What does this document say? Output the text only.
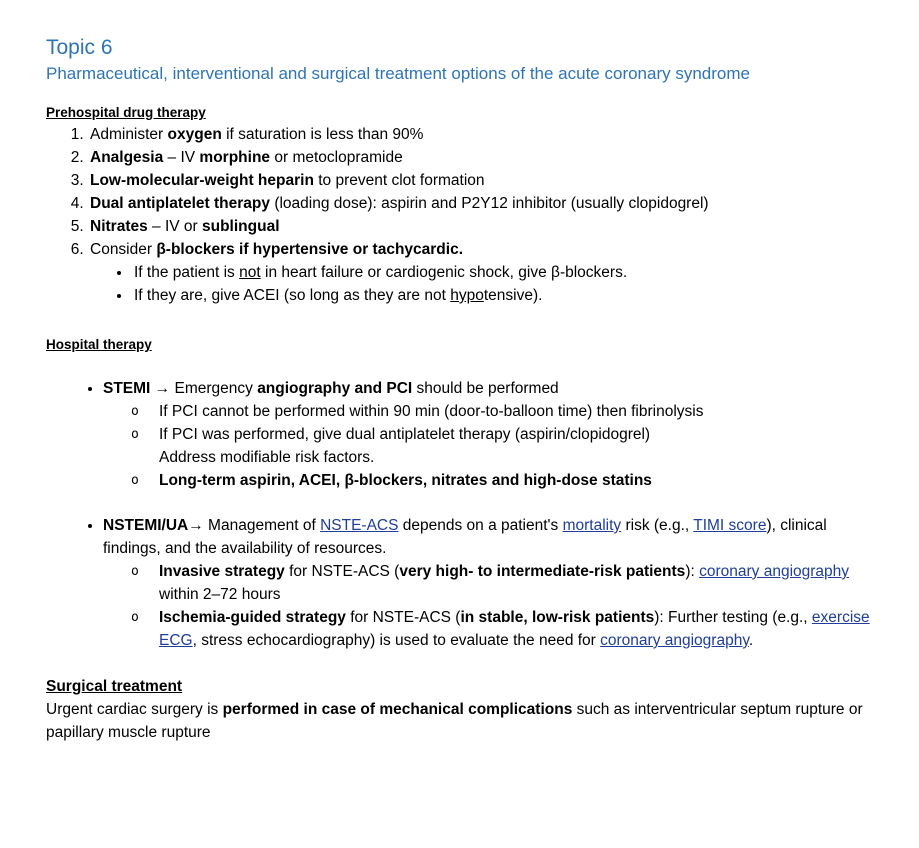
Topic 6
Pharmaceutical, interventional and surgical treatment options of the acute coronary syndrome
Prehospital drug therapy
1. Administer oxygen if saturation is less than 90%
2. Analgesia – IV morphine or metoclopramide
3. Low-molecular-weight heparin to prevent clot formation
4. Dual antiplatelet therapy (loading dose): aspirin and P2Y12 inhibitor (usually clopidogrel)
5. Nitrates – IV or sublingual
6. Consider β-blockers if hypertensive or tachycardic.
• If the patient is not in heart failure or cardiogenic shock, give β-blockers.
• If they are, give ACEI (so long as they are not hypotensive).
Hospital therapy
• STEMI → Emergency angiography and PCI should be performed
o If PCI cannot be performed within 90 min (door-to-balloon time) then fibrinolysis
o If PCI was performed, give dual antiplatelet therapy (aspirin/clopidogrel)
Address modifiable risk factors.
o Long-term aspirin, ACEI, β-blockers, nitrates and high-dose statins
• NSTEMI/UA→ Management of NSTE-ACS depends on a patient's mortality risk (e.g., TIMI score), clinical findings, and the availability of resources.
o Invasive strategy for NSTE-ACS (very high- to intermediate-risk patients): coronary angiography within 2–72 hours
o Ischemia-guided strategy for NSTE-ACS (in stable, low-risk patients): Further testing (e.g., exercise ECG, stress echocardiography) is used to evaluate the need for coronary angiography.
Surgical treatment

Urgent cardiac surgery is performed in case of mechanical complications such as interventricular septum rupture or papillary muscle rupture
